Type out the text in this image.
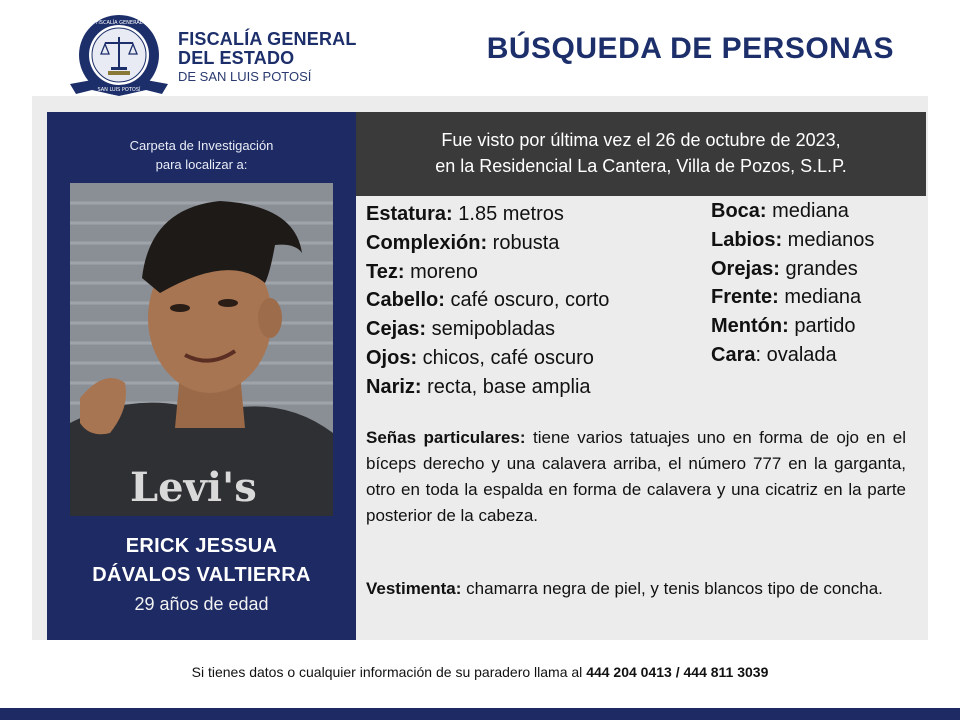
SAN LUIS POTOSÍ
FISCALÍA GENERAL
FISCALÍA GENERAL
DEL ESTADO
DE SAN LUIS POTOSÍ
BÚSQUEDA DE PERSONAS
Carpeta de Investigación
para localizar a:
Levi's
ERICK JESSUA
DÁVALOS VALTIERRA
29 años de edad
Fue visto por última vez el 26 de octubre de 2023,
en la Residencial La Cantera, Villa de Pozos, S.L.P.
Estatura: 1.85 metros
Complexión: robusta
Tez: moreno
Cabello: café oscuro, corto
Cejas: semipobladas
Ojos: chicos, café oscuro
Nariz: recta, base amplia
Boca: mediana
Labios: medianos
Orejas: grandes
Frente: mediana
Mentón: partido
Cara: ovalada
Señas particulares: tiene varios tatuajes uno en forma de ojo en el bíceps derecho y una calavera arriba, el número 777 en la garganta, otro en toda la espalda en forma de calavera y una cicatriz en la parte posterior de la cabeza.
Vestimenta: chamarra negra de piel, y tenis blancos tipo de concha.
Si tienes datos o cualquier información de su paradero llama al 444 204 0413 / 444 811 3039
